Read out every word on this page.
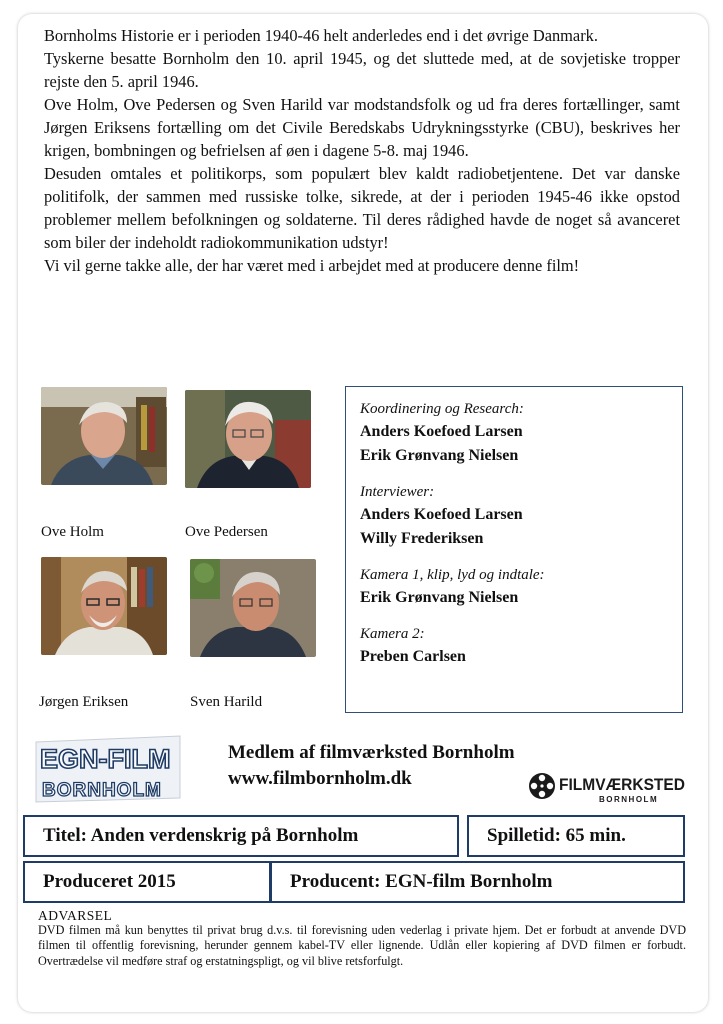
Bornholms Historie er i perioden 1940-46 helt anderledes end i det øvrige Danmark.

Tyskerne besatte Bornholm den 10. april 1945, og det sluttede med, at de sovjetiske tropper rejste den 5. april 1946.

Ove Holm, Ove Pedersen og Sven Harild var modstandsfolk og ud fra deres fortællinger, samt Jørgen Eriksens fortælling om det Civile Beredskabs Udrykningsstyrke (CBU), beskrives her krigen, bombningen og befrielsen af øen i dagene 5-8. maj 1946.

Desuden omtales et politikorps, som populært blev kaldt radiobetjentene. Det var danske politifolk, der sammen med russiske tolke, sikrede, at der i perioden 1945-46 ikke opstod problemer mellem befolkningen og soldaterne. Til deres rådighed havde de noget så avanceret som biler der indeholdt radiokommunikation udstyr!

Vi vil gerne takke alle, der har været med i arbejdet med at producere denne film!

Ove Holm	Ove Pedersen
Jørgen Eriksen	Sven Harild
Koordinering og Research:
Anders Koefoed Larsen
Erik Grønvang Nielsen
Interviewer:
Anders Koefoed Larsen
Willy Frederiksen
Kamera 1, klip, lyd og indtale:
Erik Grønvang Nielsen
Kamera 2:
Preben Carlsen
EGN-FILM
BORNHOLM
Medlem af filmværksted Bornholm
www.filmbornholm.dk	FILMVÆRKSTED
BORNHOLM
Titel: Anden verdenskrig på Bornholm	Spilletid: 65 min.
Produceret 2015	Producent: EGN-film Bornholm
ADVARSEL
DVD filmen må kun benyttes til privat brug d.v.s. til forevisning uden vederlag i private hjem. Det er forbudt at anvende DVD filmen til offentlig forevisning, herunder gennem kabel-TV eller lignende. Udlån eller kopiering af DVD filmen er forbudt. Overtrædelse vil medføre straf og erstatningspligt, og vil blive retsforfulgt.
